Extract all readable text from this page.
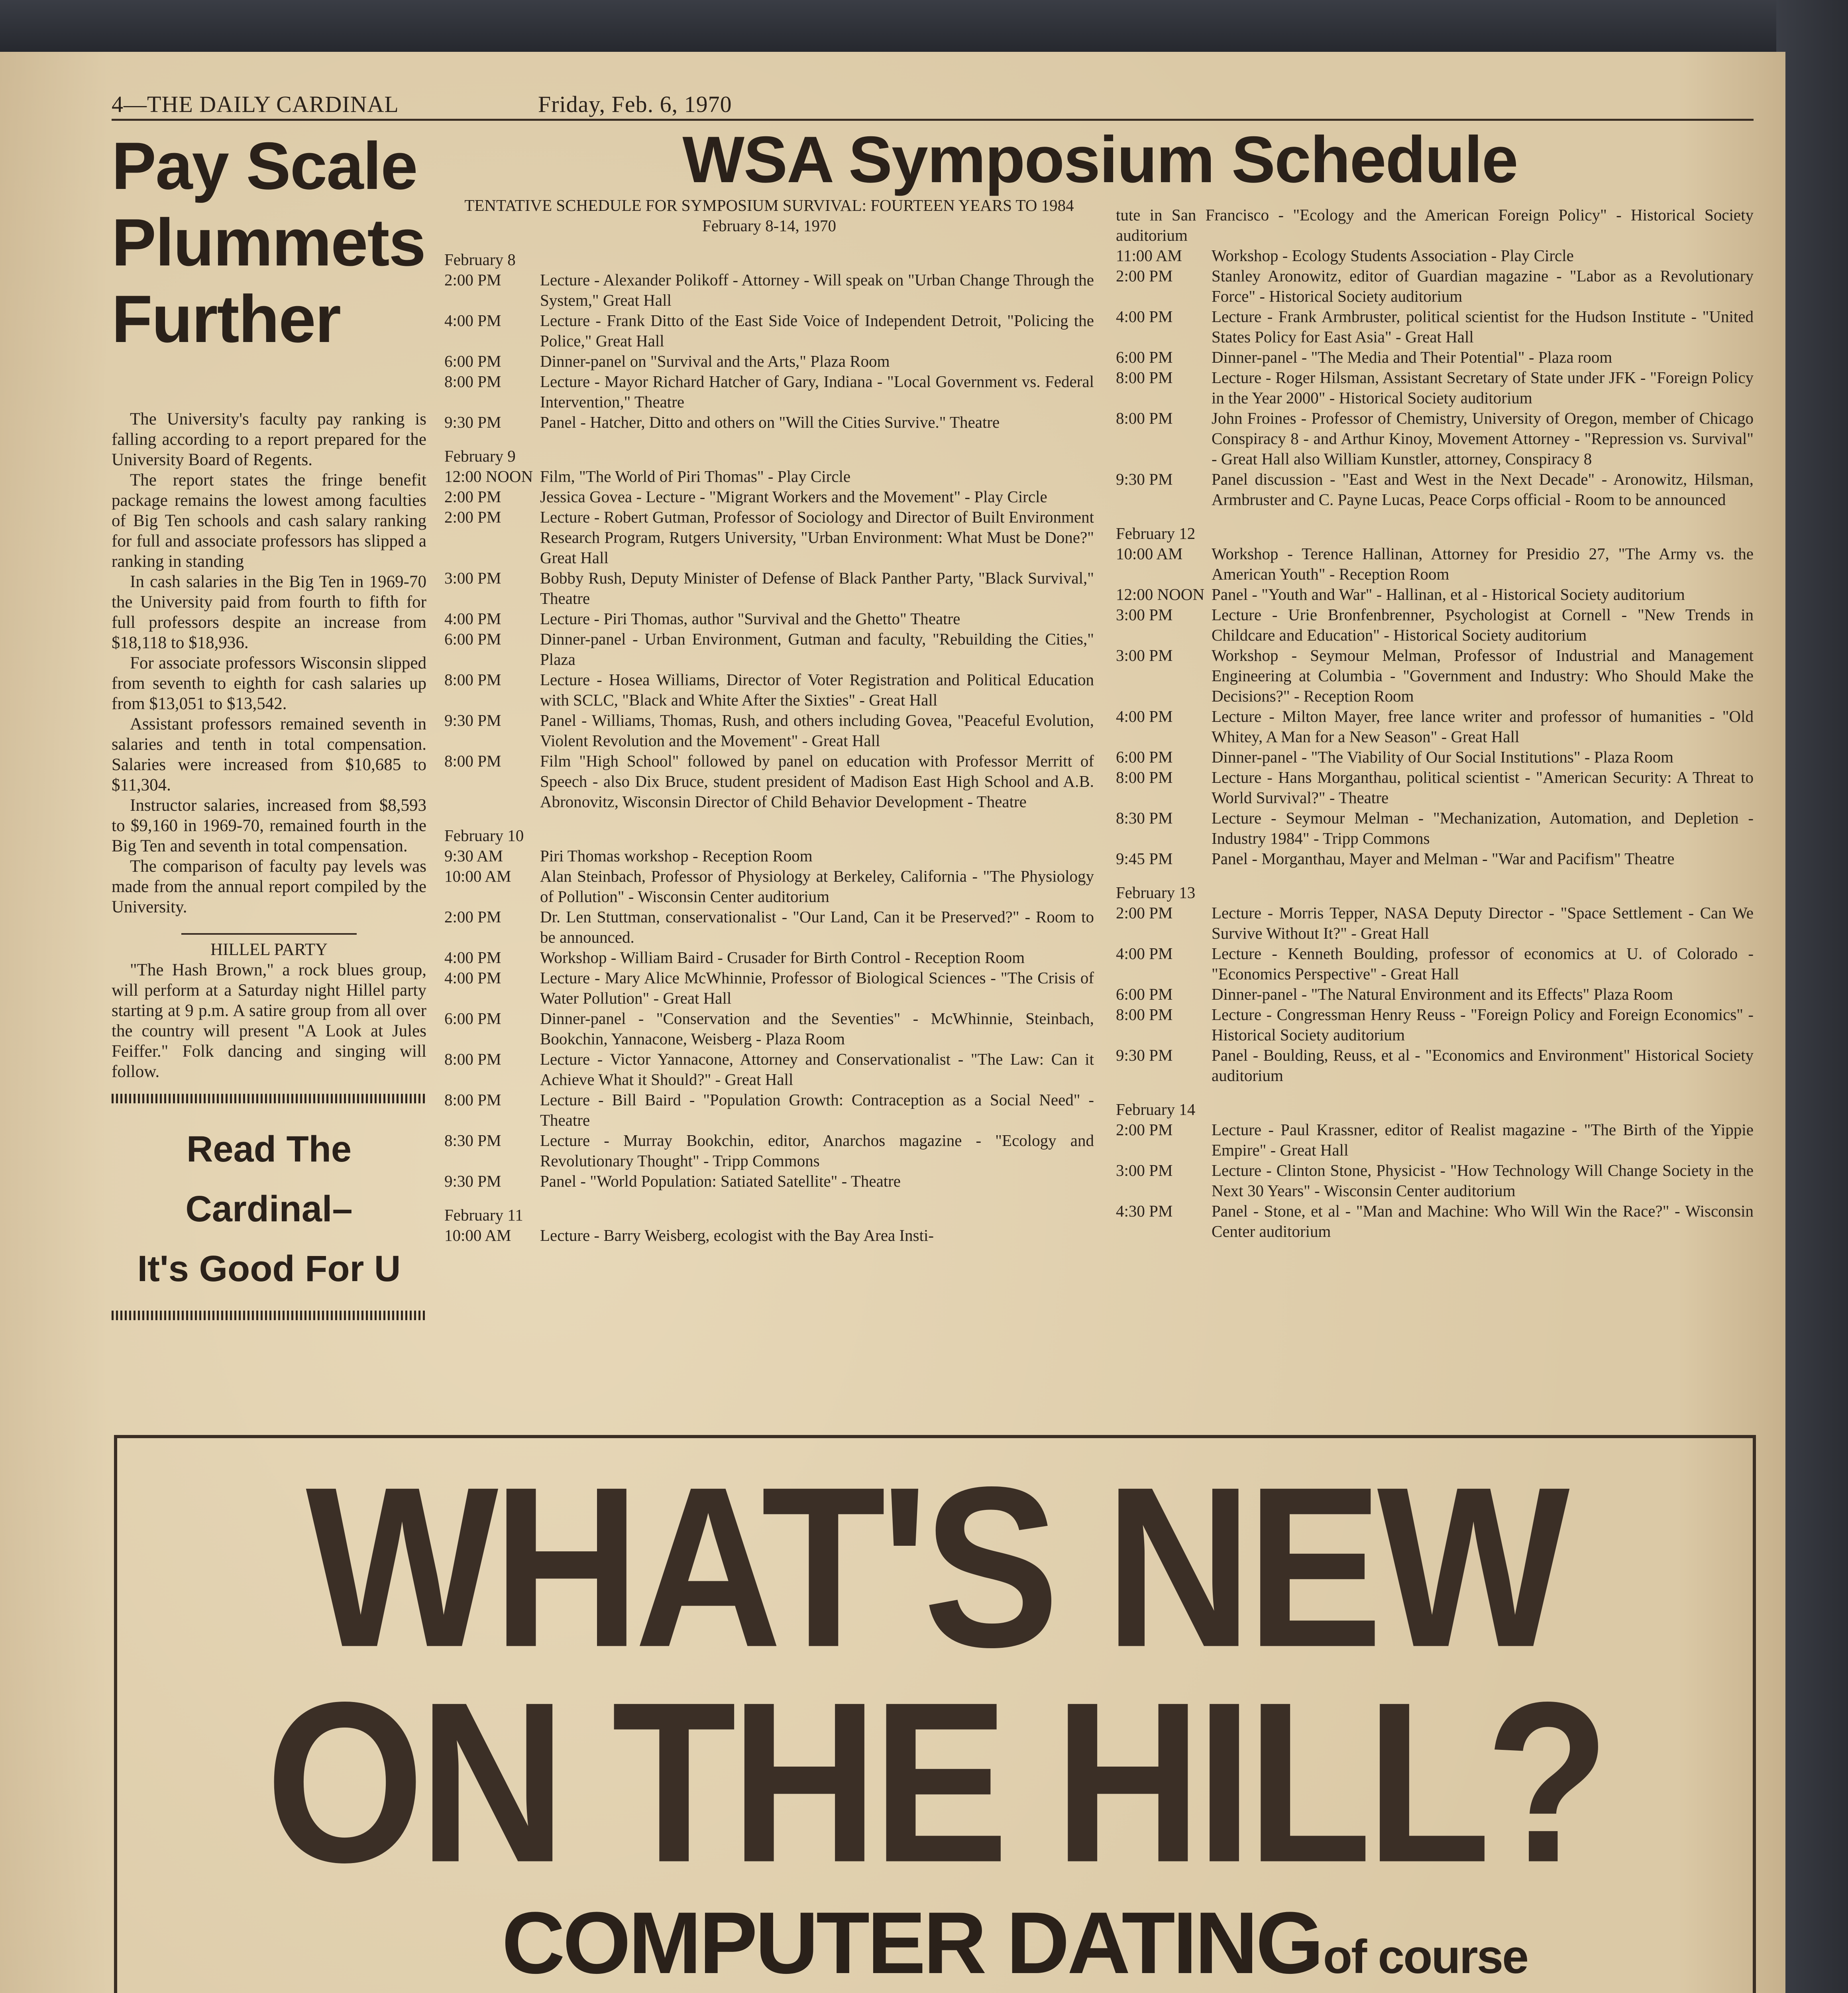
4—THE DAILY CARDINAL	Friday, Feb. 6, 1970
Pay Scale
Plummets
Further

The University's faculty pay ranking is falling according to a report prepared for the University Board of Regents.

The report states the fringe benefit package remains the lowest among faculties of Big Ten schools and cash salary ranking for full and associate professors has slipped a ranking in standing

In cash salaries in the Big Ten in 1969-70 the University paid from fourth to fifth for full professors despite an increase from $18,118 to $18,936.

For associate professors Wisconsin slipped from seventh to eighth for cash salaries up from $13,051 to $13,542.

Assistant professors remained seventh in salaries and tenth in total compensation. Salaries were increased from $10,685 to $11,304.

Instructor salaries, increased from $8,593 to $9,160 in 1969-70, remained fourth in the Big Ten and seventh in total compensation.

The comparison of faculty pay levels was made from the annual report compiled by the University.

HILLEL PARTY

"The Hash Brown," a rock blues group, will perform at a Saturday night Hillel party starting at 9 p.m. A satire group from all over the country will present "A Look at Jules Feiffer." Folk dancing and singing will follow.

Read The
Cardinal–
It's Good For U
WSA Symposium Schedule
TENTATIVE SCHEDULE FOR SYMPOSIUM SURVIVAL: FOURTEEN YEARS TO 1984
February 8-14, 1970
February 8
2:00 PM	Lecture - Alexander Polikoff - Attorney - Will speak on "Urban Change Through the System," Great Hall
4:00 PM	Lecture - Frank Ditto of the East Side Voice of Independent Detroit, "Policing the Police," Great Hall
6:00 PM	Dinner-panel on "Survival and the Arts," Plaza Room
8:00 PM	Lecture - Mayor Richard Hatcher of Gary, Indiana - "Local Government vs. Federal Intervention," Theatre
9:30 PM	Panel - Hatcher, Ditto and others on "Will the Cities Survive." Theatre
February 9
12:00 NOON Film, "The World of Piri Thomas" - Play Circle
2:00 PM	Jessica Govea - Lecture - "Migrant Workers and the Movement" - Play Circle
2:00 PM	Lecture - Robert Gutman, Professor of Sociology and Director of Built Environment Research Program, Rutgers University, "Urban Environment: What Must be Done?" Great Hall
3:00 PM	Bobby Rush, Deputy Minister of Defense of Black Panther Party, "Black Survival," Theatre
4:00 PM	Lecture - Piri Thomas, author "Survival and the Ghetto" Theatre
6:00 PM	Dinner-panel - Urban Environment, Gutman and faculty, "Rebuilding the Cities," Plaza
8:00 PM	Lecture - Hosea Williams, Director of Voter Registration and Political Education with SCLC, "Black and White After the Sixties" - Great Hall
9:30 PM	Panel - Williams, Thomas, Rush, and others including Govea, "Peaceful Evolution, Violent Revolution and the Movement" - Great Hall
8:00 PM	Film "High School" followed by panel on education with Professor Merritt of Speech - also Dix Bruce, student president of Madison East High School and A.B. Abronovitz, Wisconsin Director of Child Behavior Development - Theatre
February 10
9:30 AM	Piri Thomas workshop - Reception Room
10:00 AM	Alan Steinbach, Professor of Physiology at Berkeley, California - "The Physiology of Pollution" - Wisconsin Center auditorium
2:00 PM	Dr. Len Stuttman, conservationalist - "Our Land, Can it be Preserved?" - Room to be announced.
4:00 PM	Workshop - William Baird - Crusader for Birth Control - Reception Room
4:00 PM	Lecture - Mary Alice McWhinnie, Professor of Biological Sciences - "The Crisis of Water Pollution" - Great Hall
6:00 PM	Dinner-panel - "Conservation and the Seventies" - McWhinnie, Steinbach, Bookchin, Yannacone, Weisberg - Plaza Room
8:00 PM	Lecture - Victor Yannacone, Attorney and Conservationalist - "The Law: Can it Achieve What it Should?" - Great Hall
8:00 PM	Lecture - Bill Baird - "Population Growth: Contraception as a Social Need" - Theatre
8:30 PM	Lecture - Murray Bookchin, editor, Anarchos magazine - "Ecology and Revolutionary Thought" - Tripp Commons
9:30 PM	Panel - "World Population: Satiated Satellite" - Theatre
February 11
10:00 AM	Lecture - Barry Weisberg, ecologist with the Bay Area Insti-
tute in San Francisco - "Ecology and the American Foreign Policy" - Historical Society auditorium
11:00 AM	Workshop - Ecology Students Association - Play Circle
2:00 PM	Stanley Aronowitz, editor of Guardian magazine - "Labor as a Revolutionary Force" - Historical Society auditorium
4:00 PM	Lecture - Frank Armbruster, political scientist for the Hudson Institute - "United States Policy for East Asia" - Great Hall
6:00 PM	Dinner-panel - "The Media and Their Potential" - Plaza room
8:00 PM	Lecture - Roger Hilsman, Assistant Secretary of State under JFK - "Foreign Policy in the Year 2000" - Historical Society auditorium
8:00 PM	John Froines - Professor of Chemistry, University of Oregon, member of Chicago Conspiracy 8 - and Arthur Kinoy, Movement Attorney - "Repression vs. Survival" - Great Hall also William Kunstler, attorney, Conspiracy 8
9:30 PM	Panel discussion - "East and West in the Next Decade" - Aronowitz, Hilsman, Armbruster and C. Payne Lucas, Peace Corps official - Room to be announced
February 12
10:00 AM	Workshop - Terence Hallinan, Attorney for Presidio 27, "The Army vs. the American Youth" - Reception Room
12:00 NOON Panel - "Youth and War" - Hallinan, et al - Historical Society auditorium
3:00 PM	Lecture - Urie Bronfenbrenner, Psychologist at Cornell - "New Trends in Childcare and Education" - Historical Society auditorium
3:00 PM	Workshop - Seymour Melman, Professor of Industrial and Management Engineering at Columbia - "Government and Industry: Who Should Make the Decisions?" - Reception Room
4:00 PM	Lecture - Milton Mayer, free lance writer and professor of humanities - "Old Whitey, A Man for a New Season" - Great Hall
6:00 PM	Dinner-panel - "The Viability of Our Social Institutions" - Plaza Room
8:00 PM	Lecture - Hans Morganthau, political scientist - "American Security: A Threat to World Survival?" - Theatre
8:30 PM	Lecture - Seymour Melman - "Mechanization, Automation, and Depletion - Industry 1984" - Tripp Commons
9:45 PM	Panel - Morganthau, Mayer and Melman - "War and Pacifism" Theatre
February 13
2:00 PM	Lecture - Morris Tepper, NASA Deputy Director - "Space Settlement - Can We Survive Without It?" - Great Hall
4:00 PM	Lecture - Kenneth Boulding, professor of economics at U. of Colorado - "Economics Perspective" - Great Hall
6:00 PM	Dinner-panel - "The Natural Environment and its Effects" Plaza Room
8:00 PM	Lecture - Congressman Henry Reuss - "Foreign Policy and Foreign Economics" - Historical Society auditorium
9:30 PM	Panel - Boulding, Reuss, et al - "Economics and Environment" Historical Society auditorium
February 14
2:00 PM	Lecture - Paul Krassner, editor of Realist magazine - "The Birth of the Yippie Empire" - Great Hall
3:00 PM	Lecture - Clinton Stone, Physicist - "How Technology Will Change Society in the Next 30 Years" - Wisconsin Center auditorium
4:30 PM	Panel - Stone, et al - "Man and Machine: Who Will Win the Race?" - Wisconsin Center auditorium
WHAT'S NEW
ON THE HILL?
COMPUTER DATING of course
